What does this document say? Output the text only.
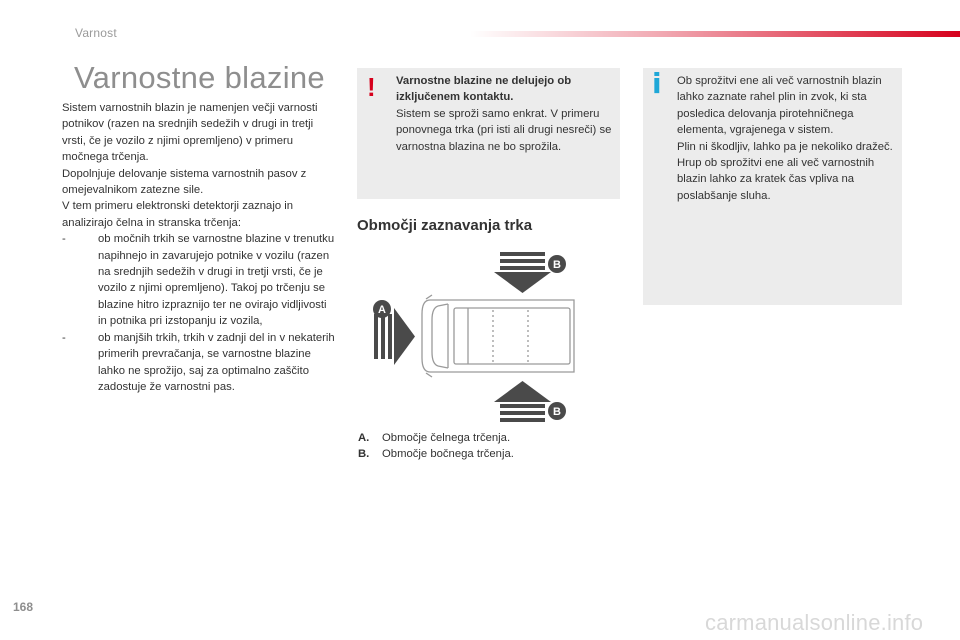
Varnost
Varnostne blazine

Sistem varnostnih blazin je namenjen večji varnosti potnikov (razen na srednjih sedežih v drugi in tretji vrsti, če je vozilo z njimi opremljeno) v primeru močnega trčenja.

Dopolnjuje delovanje sistema varnostnih pasov z omejevalnikom zatezne sile.

V tem primeru elektronski detektorji zaznajo in analizirajo čelna in stranska trčenja:

-	ob močnih trkih se varnostne blazine v trenutku napihnejo in zavarujejo potnike v vozilu (razen na srednjih sedežih v drugi in tretji vrsti, če je vozilo z njimi opremljeno). Takoj po trčenju se blazine hitro izpraznijo ter ne ovirajo vidljivosti in potnika pri izstopanju iz vozila,
-	ob manjših trkih, trkih v zadnji del in v nekaterih primerih prevračanja, se varnostne blazine lahko ne sprožijo, saj za optimalno zaščito zadostuje že varnostni pas.
! Varnostne blazine ne delujejo ob izključenem kontaktu.
Sistem se sproži samo enkrat. V primeru ponovnega trka (pri isti ali drugi nesreči) se varnostna blazina ne bo sprožila.
Območji zaznavanja trka
B
A
B
A. Območje čelnega trčenja.
B. Območje bočnega trčenja.
i Ob sprožitvi ene ali več varnostnih blazin lahko zaznate rahel plin in zvok, ki sta posledica delovanja pirotehničnega elementa, vgrajenega v sistem.
Plin ni škodljiv, lahko pa je nekoliko dražeč.
Hrup ob sprožitvi ene ali več varnostnih blazin lahko za kratek čas vpliva na poslabšanje sluha.
168
carmanualsonline.info
